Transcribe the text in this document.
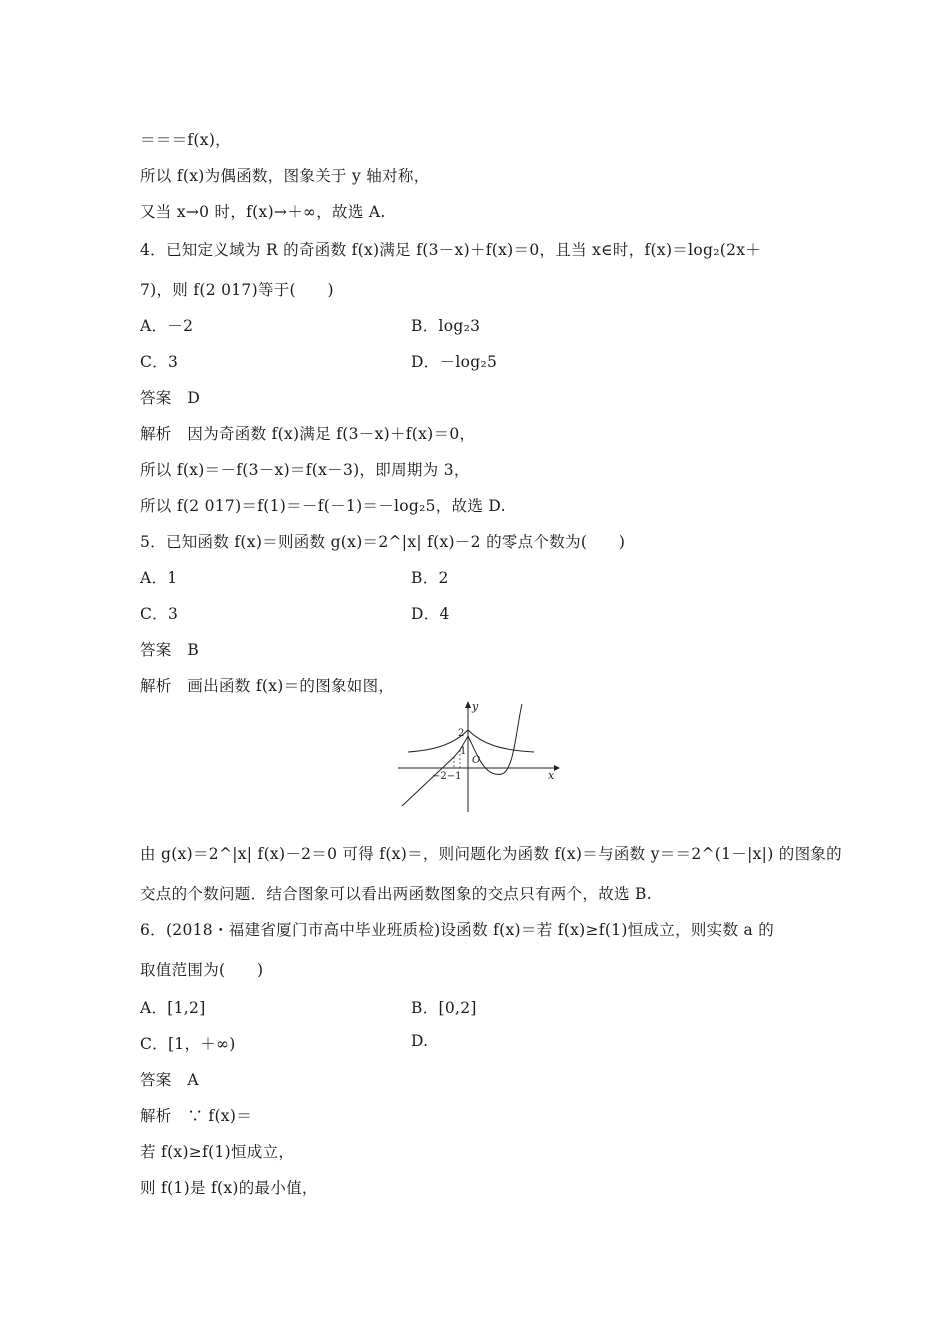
＝＝＝f(x)，
所以 f(x)为偶函数，图象关于 y 轴对称，
又当 x→0 时，f(x)→＋∞，故选 A.
4．已知定义域为 R 的奇函数 f(x)满足 f(3－x)＋f(x)＝0，且当 x∈时，f(x)＝log₂(2x＋
7)，则 f(2 017)等于(　　)
A．－2	B．log₂3
C．3	D．－log₂5
答案　D
解析　因为奇函数 f(x)满足 f(3－x)＋f(x)＝0，
所以 f(x)＝－f(3－x)＝f(x－3)，即周期为 3，
所以 f(2 017)＝f(1)＝－f(－1)＝－log₂5，故选 D.
5．已知函数 f(x)＝则函数 g(x)＝2^|x| f(x)－2 的零点个数为(　　)
A．1	B．2
C．3	D．4
答案　B
解析　画出函数 f(x)＝的图象如图，
x
y
O
2
1
−2−1
由 g(x)＝2^|x| f(x)－2＝0 可得 f(x)＝，则问题化为函数 f(x)＝与函数 y＝＝2^(1－|x|) 的图象的
交点的个数问题．结合图象可以看出两函数图象的交点只有两个，故选 B.
6．(2018・福建省厦门市高中毕业班质检)设函数 f(x)＝若 f(x)≥f(1)恒成立，则实数 a 的
取值范围为(　　)
A．[1,2]	B．[0,2]
C．[1，＋∞)	D.
答案　A
解析　∵ f(x)＝
若 f(x)≥f(1)恒成立，
则 f(1)是 f(x)的最小值，
